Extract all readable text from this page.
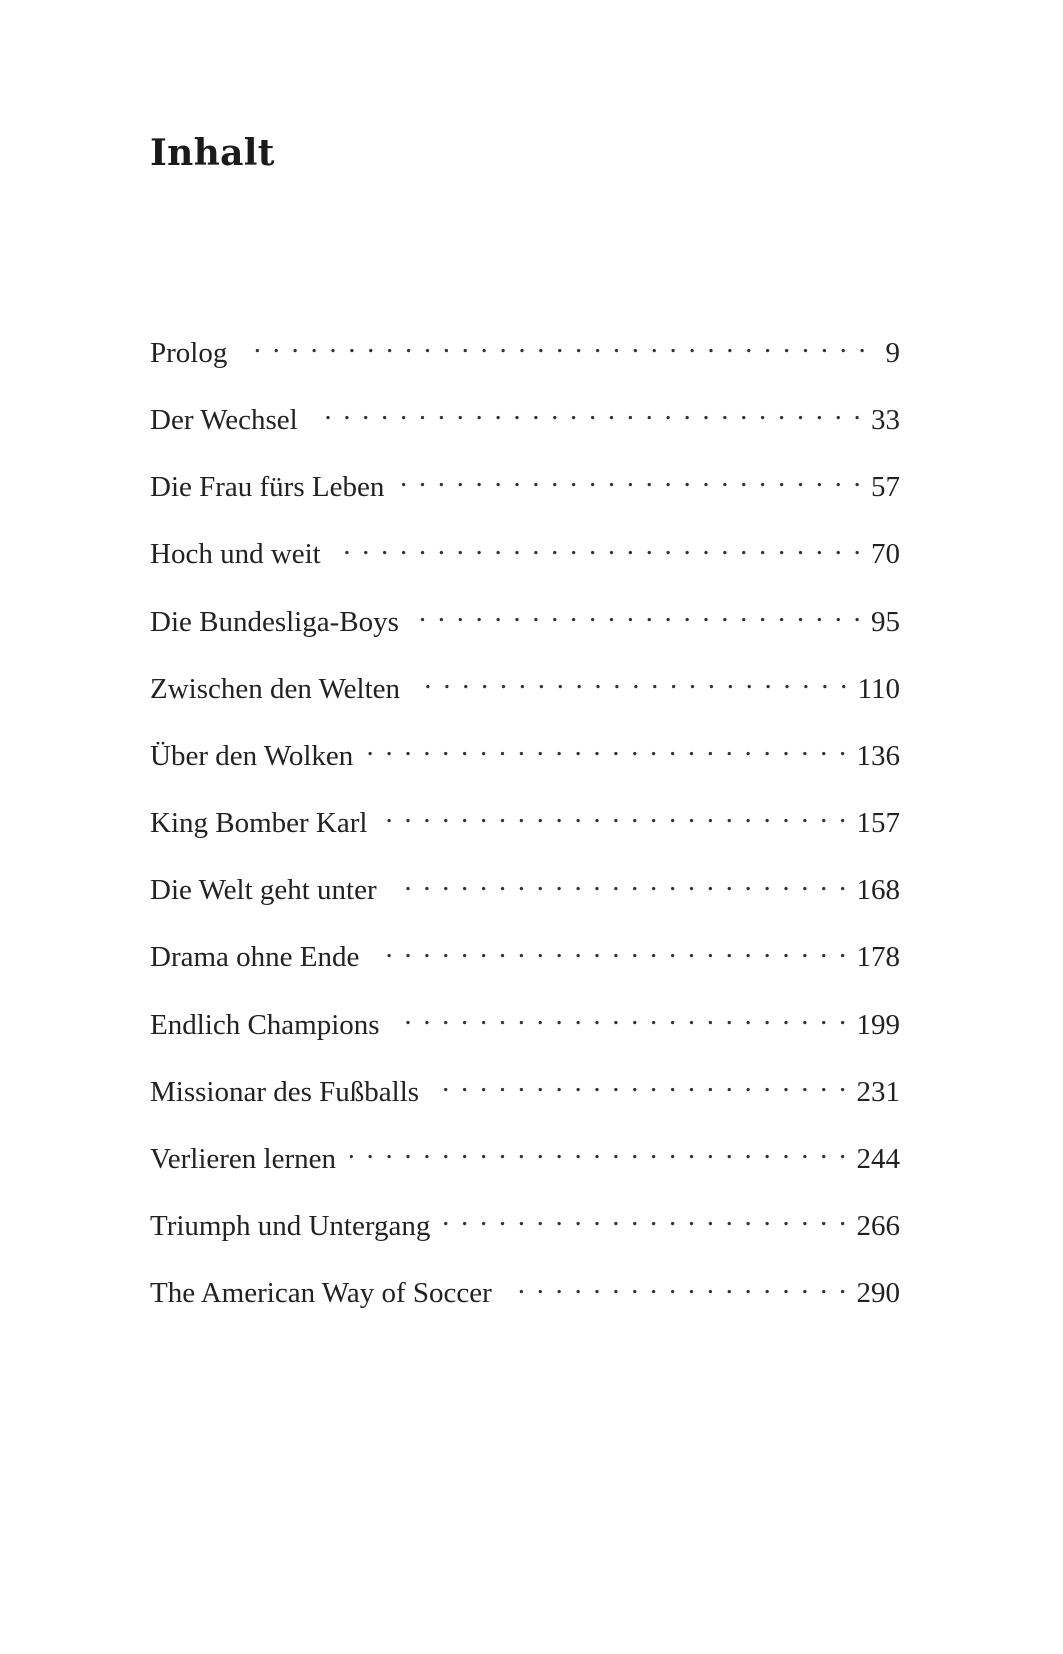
Inhalt
Prolog . . .	9
Der Wechsel . . .	33
Die Frau fürs Leben . . .	57
Hoch und weit . . .	70
Die Bundesliga-Boys . . .	95
Zwischen den Welten . . .	110
Über den Wolken . . .	136
King Bomber Karl . . .	157
Die Welt geht unter . . .	168
Drama ohne Ende . . .	178
Endlich Champions . . .	199
Missionar des Fußballs . . .	231
Verlieren lernen . . .	244
Triumph und Untergang . . .	266
The American Way of Soccer . . .	290
